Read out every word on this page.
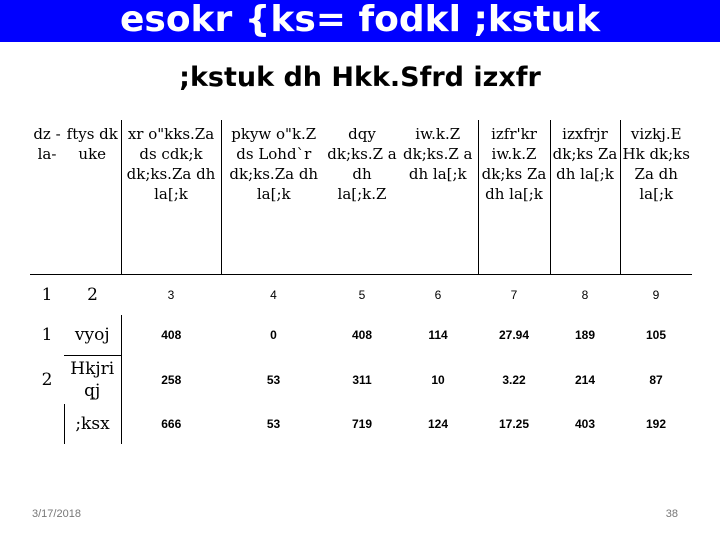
esokr {ks= fodkl ;kstuk
;kstuk dh Hkk.Sfrd izxfr
dz - la-	ftys dk uke	xr o"kks.Za ds cdk;k dk;ks.Za dh la[;k	pkyw o"k.Z ds Lohd`r dk;ks.Za dh la[;k	dqy dk;ks.Z a dh la[;k.Z	iw.k.Z dk;ks.Z a dh la[;k	izfr'kr iw.k.Z dk;ks Za dh la[;k	izxfrjr dk;ks Za dh la[;k	vizkj.E Hk dk;ks Za dh la[;k
1	2	3	4	5	6	7	8	9
1	vyoj	408	0	408	114	27.94	189	105
2	Hkjri qj	258	53	311	10	3.22	214	87
	;ksx	666	53	719	124	17.25	403	192
3/17/2018	38
